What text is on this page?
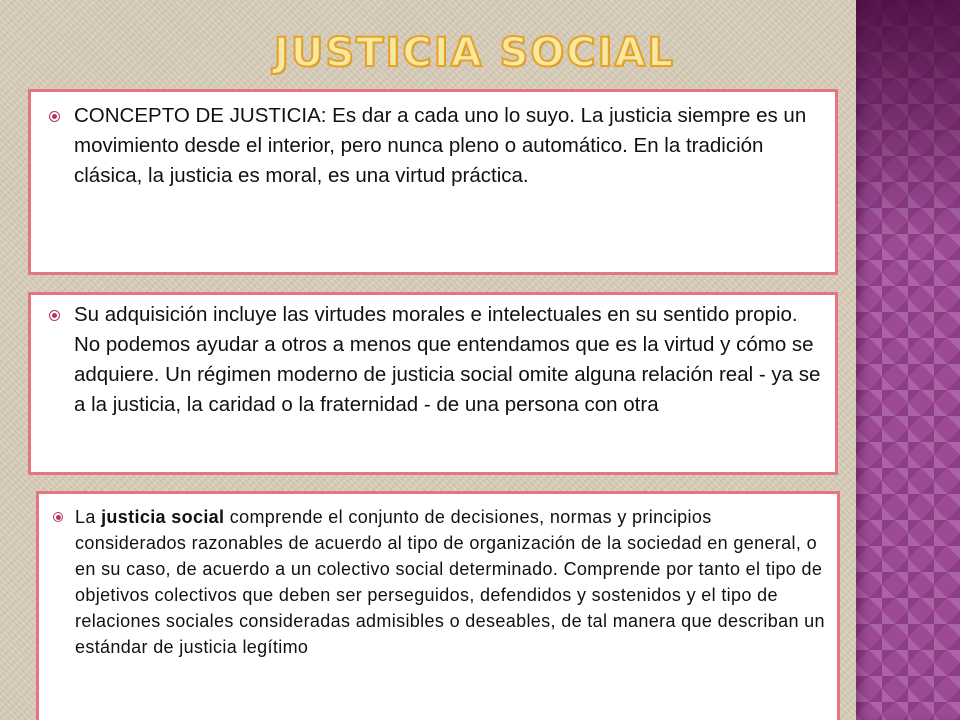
JUSTICIA SOCIAL
CONCEPTO DE JUSTICIA: Es dar a cada uno lo suyo. La justicia siempre es un movimiento desde el interior, pero nunca pleno o automático. En la tradición clásica, la justicia es moral, es una virtud práctica.
Su adquisición incluye las virtudes morales e intelectuales en su sentido propio. No podemos ayudar a otros a menos que entendamos que es la virtud y cómo se adquiere. Un régimen moderno de justicia social omite alguna relación real - ya se a la justicia, la caridad o la fraternidad - de una persona con otra
La justicia social comprende el conjunto de decisiones, normas y principios considerados razonables de acuerdo al tipo de organización de la sociedad en general, o en su caso, de acuerdo a un colectivo social determinado. Comprende por tanto el tipo de objetivos colectivos que deben ser perseguidos, defendidos y sostenidos y el tipo de relaciones sociales consideradas admisibles o deseables, de tal manera que describan un estándar de justicia legítimo
